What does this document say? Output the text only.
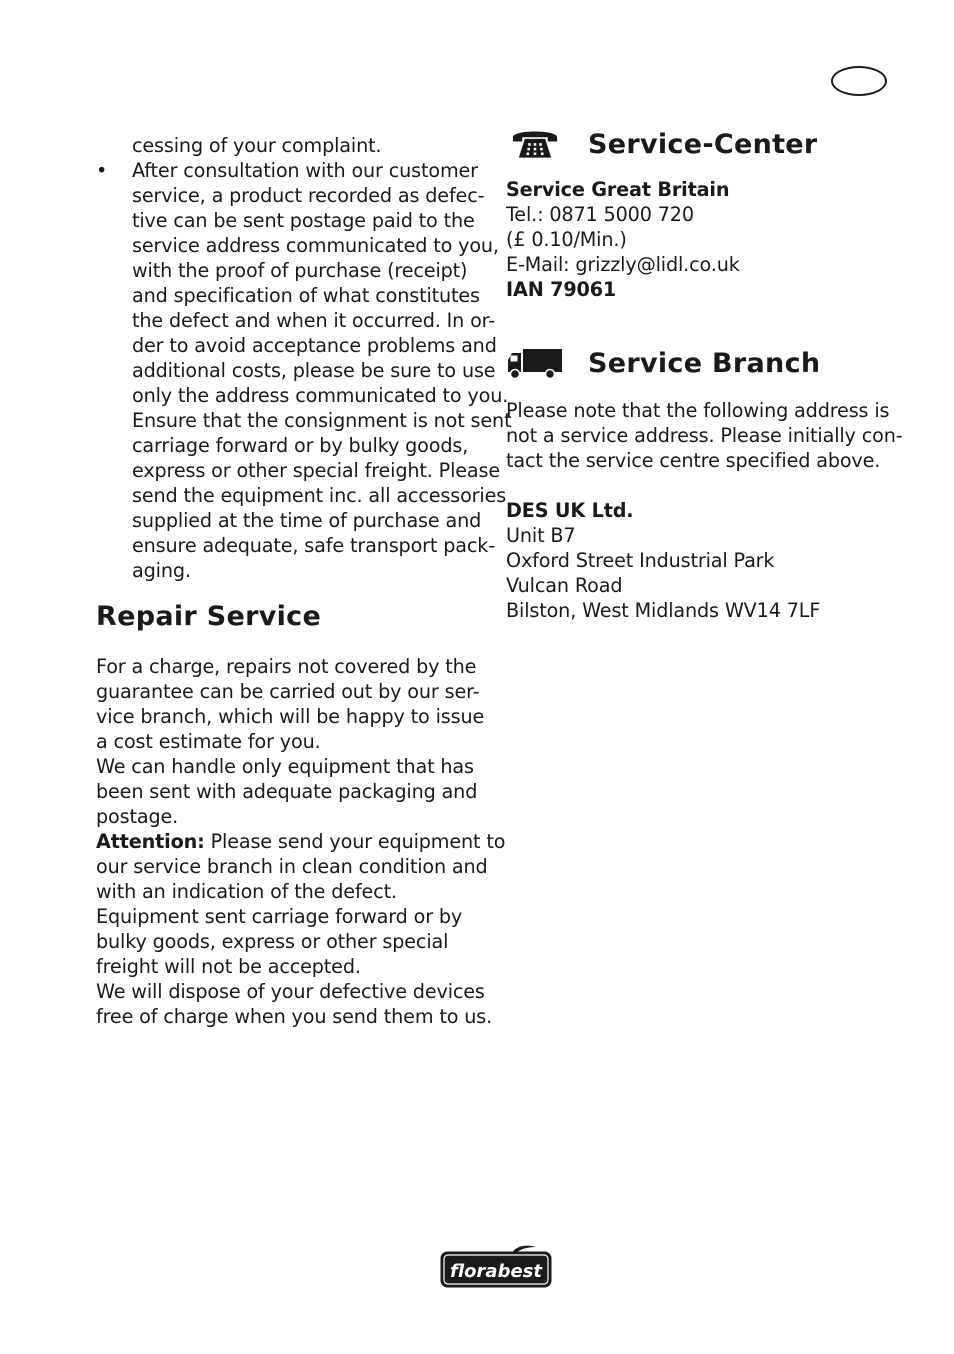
cessing of your complaint.

• After consultation with our customer

service, a product recorded as defec-

tive can be sent postage paid to the

service address communicated to you,

with the proof of purchase (receipt)

and specification of what constitutes

the defect and when it occurred. In or-

der to avoid acceptance problems and

additional costs, please be sure to use

only the address communicated to you.

Ensure that the consignment is not sent

carriage forward or by bulky goods,

express or other special freight. Please

send the equipment inc. all accessories

supplied at the time of purchase and

ensure adequate, safe transport pack-

aging.

Repair Service

For a charge, repairs not covered by the

guarantee can be carried out by our ser-

vice branch, which will be happy to issue

a cost estimate for you.

We can handle only equipment that has

been sent with adequate packaging and

postage.

Attention: Please send your equipment to

our service branch in clean condition and

with an indication of the defect.

Equipment sent carriage forward or by

bulky goods, express or other special

freight will not be accepted.

We will dispose of your defective devices

free of charge when you send them to us.

Service-Center

Service Great Britain

Tel.: 0871 5000 720

(£ 0.10/Min.)

E-Mail: grizzly@lidl.co.uk

IAN 79061

Service Branch

Please note that the following address is

not a service address. Please initially con-

tact the service centre specified above.

DES UK Ltd.

Unit B7

Oxford Street Industrial Park

Vulcan Road

Bilston, West Midlands WV14 7LF

florabest
